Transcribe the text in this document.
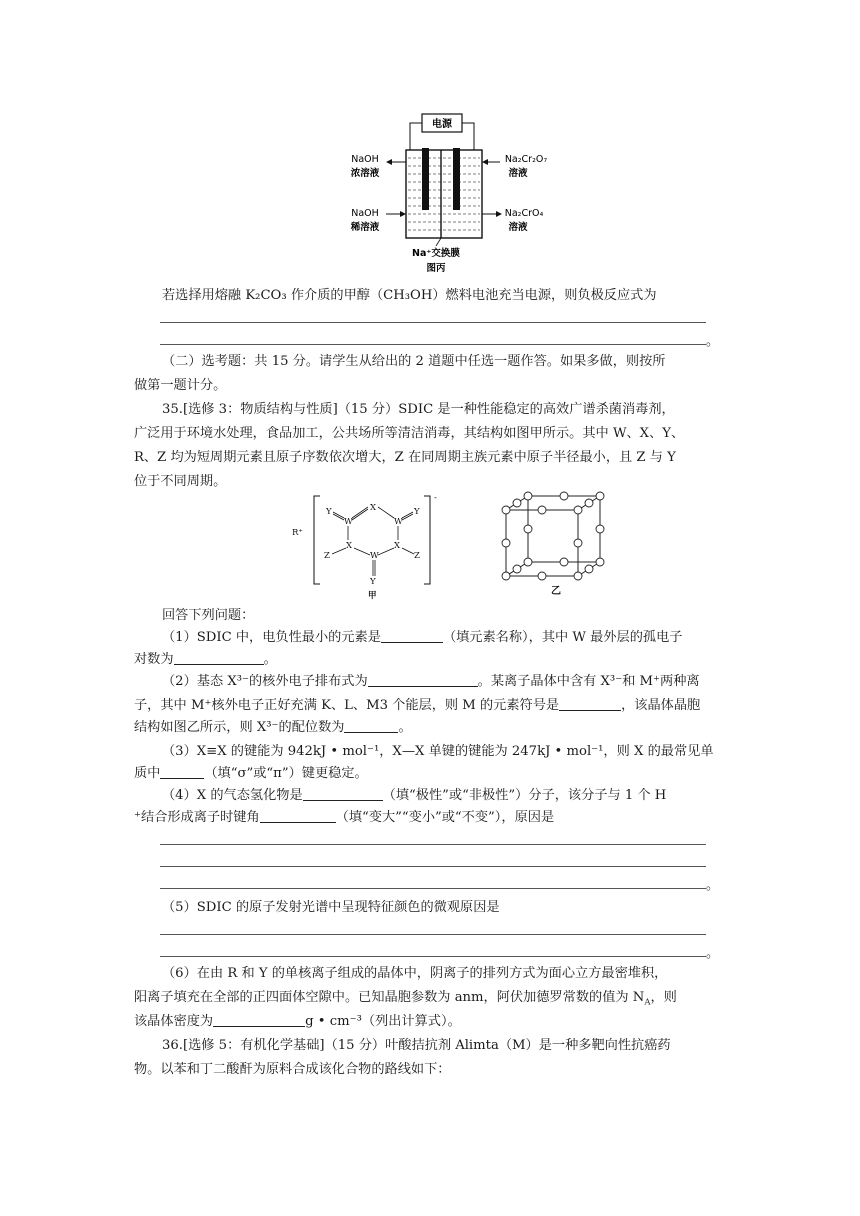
电源
NaOH
浓溶液
NaOH
稀溶液
Na₂Cr₂O₇
溶液
Na₂CrO₄
溶液
Na⁺交换膜
图丙
若选择用熔融 K₂CO₃ 作介质的甲醇（CH₃OH）燃料电池充当电源，则负极反应式为
。
（二）选考题：共 15 分。请学生从给出的 2 道题中任选一题作答。如果多做，则按所
做第一题计分。
35.[选修 3：物质结构与性质]（15 分）SDIC 是一种性能稳定的高效广谱杀菌消毒剂，
广泛用于环境水处理，食品加工，公共场所等清洁消毒，其结构如图甲所示。其中 W、X、Y、
R、Z 均为短周期元素且原子序数依次增大，Z 在同周期主族元素中原子半径最小，且 Z 与 Y
位于不同周期。
R⁺
-
W
X
W
X
W
X
Y	Y
Y
Z	Z
甲	乙
回答下列问题：
（1）SDIC 中，电负性最小的元素是	（填元素名称），其中 W 最外层的孤电子
对数为	。
（2）基态 X³⁻的核外电子排布式为	。某离子晶体中含有 X³⁻和 M⁺两种离
子，其中 M⁺核外电子正好充满 K、L、M3 个能层，则 M 的元素符号是	，该晶体晶胞
结构如图乙所示，则 X³⁻的配位数为	。
（3）X≡X 的键能为 942kJ • mol⁻¹，X—X 单键的键能为 247kJ • mol⁻¹，则 X 的最常见单
质中	（填“σ”或“π”）键更稳定。
（4）X 的气态氢化物是	（填“极性”或“非极性”）分子，该分子与 1 个 H
⁺结合形成离子时键角	（填“变大”“变小”或“不变”），原因是
。
（5）SDIC 的原子发射光谱中呈现特征颜色的微观原因是
。
（6）在由 R 和 Y 的单核离子组成的晶体中，阴离子的排列方式为面心立方最密堆积，
阳离子填充在全部的正四面体空隙中。已知晶胞参数为 anm，阿伏加德罗常数的值为 $N_A$，则
该晶体密度为	g • cm⁻³（列出计算式）。
36.[选修 5：有机化学基础]（15 分）叶酸拮抗剂 Alimta（M）是一种多靶向性抗癌药
物。以苯和丁二酸酐为原料合成该化合物的路线如下：
